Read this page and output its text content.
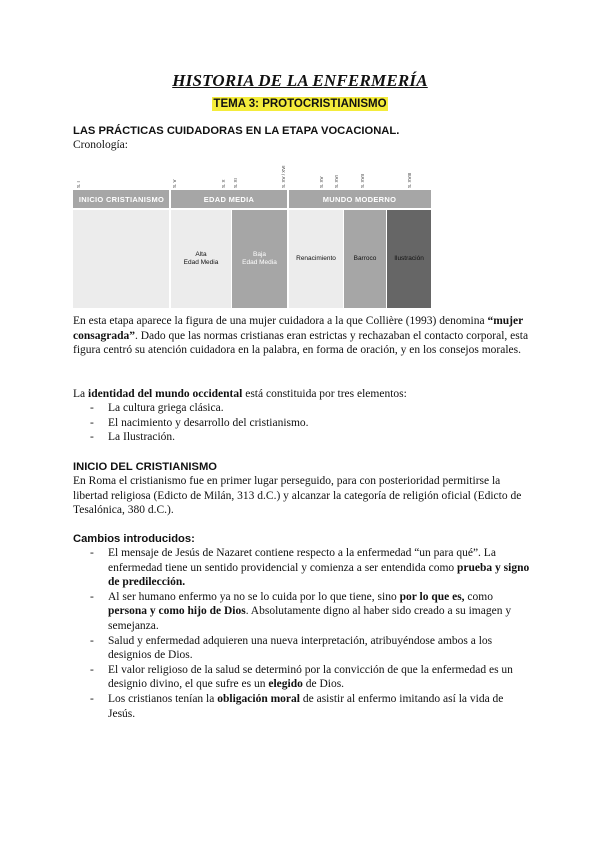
HISTORIA DE LA ENFERMERÍA
TEMA 3: PROTOCRISTIANISMO
LAS PRÁCTICAS CUIDADORAS EN LA ETAPA VOCACIONAL.
Cronología:
S. I	S. V	S. X S. XI	S. XV / XVI	S. XV S. XVI	S. XVII	S. XVIII
INICIO CRISTIANISMO	EDAD MEDIA	MUNDO MODERNO
Alta
Edad Media
Baja
Edad Media
Renacimiento	Barroco	Ilustración
En esta etapa aparece la figura de una mujer cuidadora a la que Collière (1993) denomina “mujer consagrada”. Dado que las normas cristianas eran estrictas y rechazaban el contacto corporal, esta figura centró su atención cuidadora en la palabra, en forma de oración, y en los consejos morales.
La identidad del mundo occidental está constituida por tres elementos:
- La cultura griega clásica.
- El nacimiento y desarrollo del cristianismo.
- La Ilustración.
INICIO DEL CRISTIANISMO
En Roma el cristianismo fue en primer lugar perseguido, para con posterioridad permitirse la libertad religiosa (Edicto de Milán, 313 d.C.) y alcanzar la categoría de religión oficial (Edicto de Tesalónica, 380 d.C.).
Cambios introducidos:
- El mensaje de Jesús de Nazaret contiene respecto a la enfermedad “un para qué”. La enfermedad tiene un sentido providencial y comienza a ser entendida como prueba y signo de predilección.
- Al ser humano enfermo ya no se lo cuida por lo que tiene, sino por lo que es, como persona y como hijo de Dios. Absolutamente digno al haber sido creado a su imagen y semejanza.
- Salud y enfermedad adquieren una nueva interpretación, atribuyéndose ambos a los designios de Dios.
- El valor religioso de la salud se determinó por la convicción de que la enfermedad es un designio divino, el que sufre es un elegido de Dios.
- Los cristianos tenían la obligación moral de asistir al enfermo imitando así la vida de Jesús.
